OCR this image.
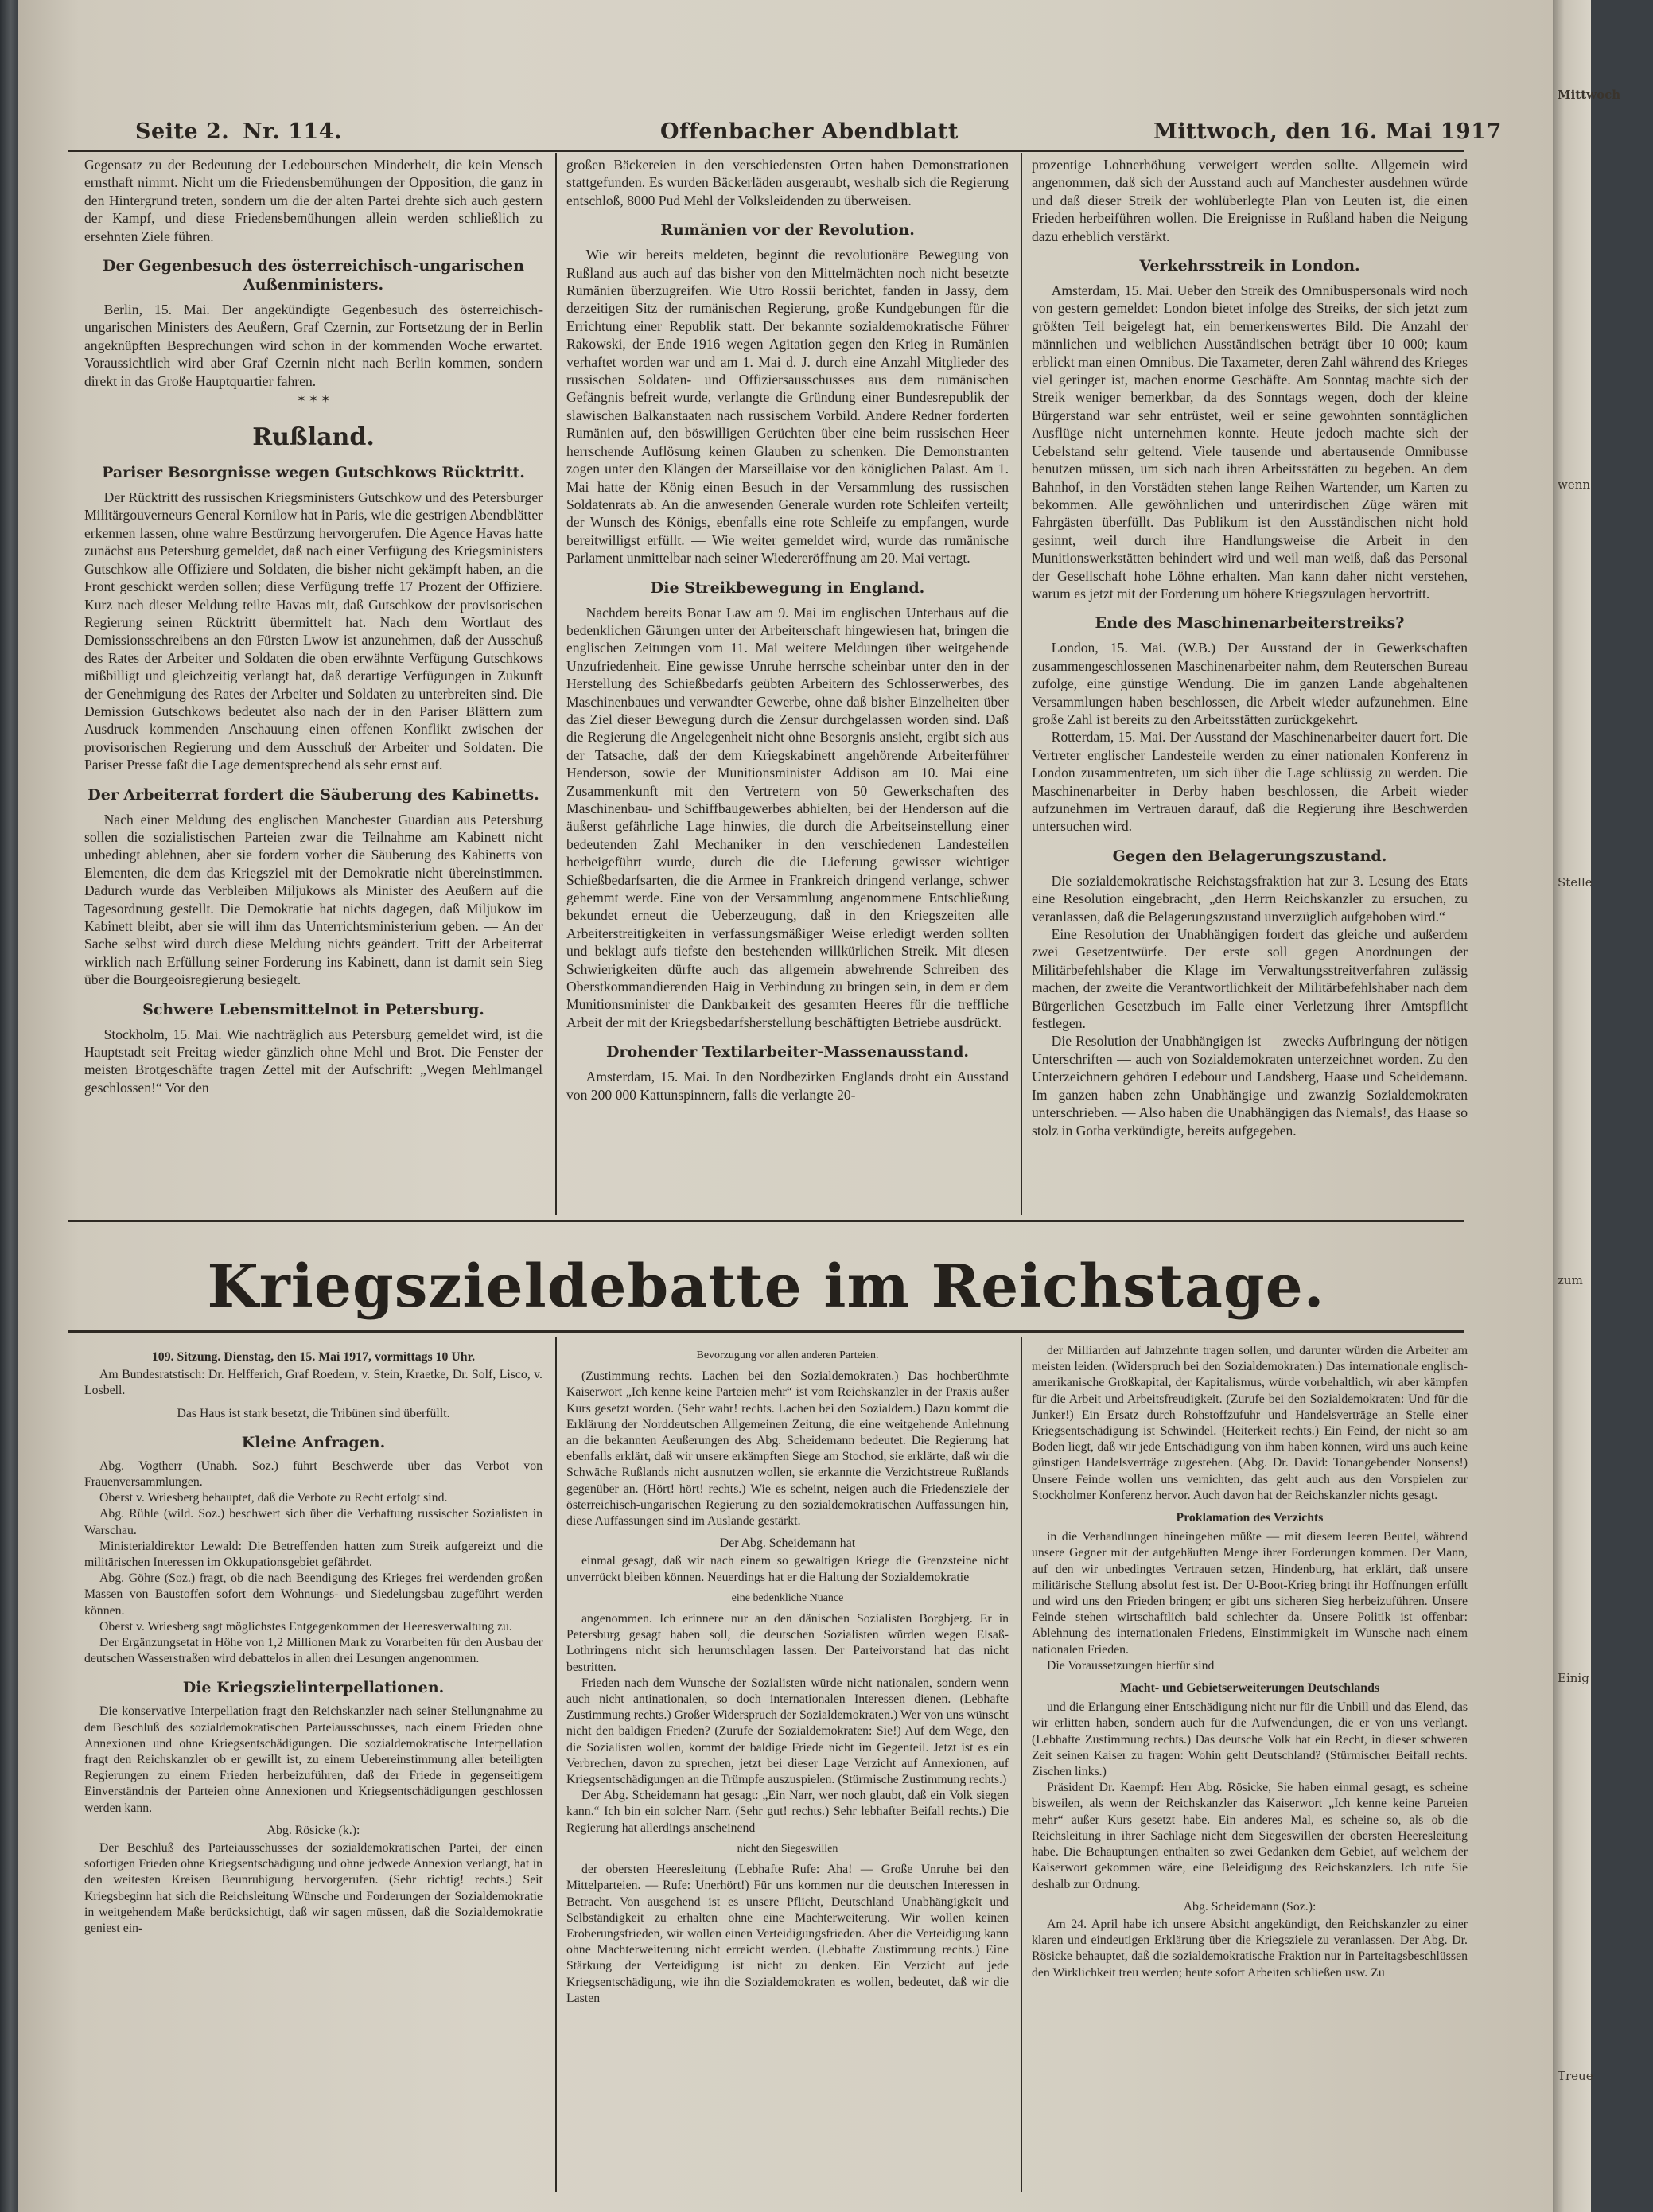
Mittwoch
wenn
Stelle
zum
Einig
Treue
Seite 2. Nr. 114.	Offenbacher Abendblatt	Mittwoch, den 16. Mai 1917

Gegensatz zu der Bedeutung der Ledebourschen Minderheit, die kein Mensch ernsthaft nimmt. Nicht um die Friedensbemühungen der Opposition, die ganz in den Hintergrund treten, sondern um die der alten Partei drehte sich auch gestern der Kampf, und diese Friedensbemühungen allein werden schließlich zu ersehnten Ziele führen.

Der Gegenbesuch des österreichisch-ungarischen Außenministers.

Berlin, 15. Mai. Der angekündigte Gegenbesuch des österreichisch-ungarischen Ministers des Aeußern, Graf Czernin, zur Fortsetzung der in Berlin angeknüpften Besprechungen wird schon in der kommenden Woche erwartet. Voraussichtlich wird aber Graf Czernin nicht nach Berlin kommen, sondern direkt in das Große Hauptquartier fahren.

✶ ✶ ✶
Rußland.
Pariser Besorgnisse wegen Gutschkows Rücktritt.

Der Rücktritt des russischen Kriegsministers Gutschkow und des Petersburger Militärgouverneurs General Kornilow hat in Paris, wie die gestrigen Abendblätter erkennen lassen, ohne wahre Bestürzung hervorgerufen. Die Agence Havas hatte zunächst aus Petersburg gemeldet, daß nach einer Verfügung des Kriegsministers Gutschkow alle Offiziere und Soldaten, die bisher nicht gekämpft haben, an die Front geschickt werden sollen; diese Verfügung treffe 17 Prozent der Offiziere. Kurz nach dieser Meldung teilte Havas mit, daß Gutschkow der provisorischen Regierung seinen Rücktritt übermittelt hat. Nach dem Wortlaut des Demissionsschreibens an den Fürsten Lwow ist anzunehmen, daß der Ausschuß des Rates der Arbeiter und Soldaten die oben erwähnte Verfügung Gutschkows mißbilligt und gleichzeitig verlangt hat, daß derartige Verfügungen in Zukunft der Genehmigung des Rates der Arbeiter und Soldaten zu unterbreiten sind. Die Demission Gutschkows bedeutet also nach der in den Pariser Blättern zum Ausdruck kommenden Anschauung einen offenen Konflikt zwischen der provisorischen Regierung und dem Ausschuß der Arbeiter und Soldaten. Die Pariser Presse faßt die Lage dementsprechend als sehr ernst auf.

Der Arbeiterrat fordert die Säuberung des Kabinetts.

Nach einer Meldung des englischen Manchester Guardian aus Petersburg sollen die sozialistischen Parteien zwar die Teilnahme am Kabinett nicht unbedingt ablehnen, aber sie fordern vorher die Säuberung des Kabinetts von Elementen, die dem das Kriegsziel mit der Demokratie nicht übereinstimmen. Dadurch wurde das Verbleiben Miljukows als Minister des Aeußern auf die Tagesordnung gestellt. Die Demokratie hat nichts dagegen, daß Miljukow im Kabinett bleibt, aber sie will ihm das Unterrichtsministerium geben. — An der Sache selbst wird durch diese Meldung nichts geändert. Tritt der Arbeiterrat wirklich nach Erfüllung seiner Forderung ins Kabinett, dann ist damit sein Sieg über die Bourgeoisregierung besiegelt.

Schwere Lebensmittelnot in Petersburg.

Stockholm, 15. Mai. Wie nachträglich aus Petersburg gemeldet wird, ist die Hauptstadt seit Freitag wieder gänzlich ohne Mehl und Brot. Die Fenster der meisten Brotgeschäfte tragen Zettel mit der Aufschrift: „Wegen Mehlmangel geschlossen!“ Vor den

großen Bäckereien in den verschiedensten Orten haben Demonstrationen stattgefunden. Es wurden Bäckerläden ausgeraubt, weshalb sich die Regierung entschloß, 8000 Pud Mehl der Volksleidenden zu überweisen.

Rumänien vor der Revolution.

Wie wir bereits meldeten, beginnt die revolutionäre Bewegung von Rußland aus auch auf das bisher von den Mittelmächten noch nicht besetzte Rumänien überzugreifen. Wie Utro Rossii berichtet, fanden in Jassy, dem derzeitigen Sitz der rumänischen Regierung, große Kundgebungen für die Errichtung einer Republik statt. Der bekannte sozialdemokratische Führer Rakowski, der Ende 1916 wegen Agitation gegen den Krieg in Rumänien verhaftet worden war und am 1. Mai d. J. durch eine Anzahl Mitglieder des russischen Soldaten- und Offiziersausschusses aus dem rumänischen Gefängnis befreit wurde, verlangte die Gründung einer Bundesrepublik der slawischen Balkanstaaten nach russischem Vorbild. Andere Redner forderten Rumänien auf, den böswilligen Gerüchten über eine beim russischen Heer herrschende Auflösung keinen Glauben zu schenken. Die Demonstranten zogen unter den Klängen der Marseillaise vor den königlichen Palast. Am 1. Mai hatte der König einen Besuch in der Versammlung des russischen Soldatenrats ab. An die anwesenden Generale wurden rote Schleifen verteilt; der Wunsch des Königs, ebenfalls eine rote Schleife zu empfangen, wurde bereitwilligst erfüllt. — Wie weiter gemeldet wird, wurde das rumänische Parlament unmittelbar nach seiner Wiedereröffnung am 20. Mai vertagt.

Die Streikbewegung in England.

Nachdem bereits Bonar Law am 9. Mai im englischen Unterhaus auf die bedenklichen Gärungen unter der Arbeiterschaft hingewiesen hat, bringen die englischen Zeitungen vom 11. Mai weitere Meldungen über weitgehende Unzufriedenheit. Eine gewisse Unruhe herrsche scheinbar unter den in der Herstellung des Schießbedarfs geübten Arbeitern des Schlosserwerbes, des Maschinenbaues und verwandter Gewerbe, ohne daß bisher Einzelheiten über das Ziel dieser Bewegung durch die Zensur durchgelassen worden sind. Daß die Regierung die Angelegenheit nicht ohne Besorgnis ansieht, ergibt sich aus der Tatsache, daß der dem Kriegskabinett angehörende Arbeiterführer Henderson, sowie der Munitionsminister Addison am 10. Mai eine Zusammenkunft mit den Vertretern von 50 Gewerkschaften des Maschinenbau- und Schiffbaugewerbes abhielten, bei der Henderson auf die äußerst gefährliche Lage hinwies, die durch die Arbeitseinstellung einer bedeutenden Zahl Mechaniker in den verschiedenen Landesteilen herbeigeführt wurde, durch die die Lieferung gewisser wichtiger Schießbedarfsarten, die die Armee in Frankreich dringend verlange, schwer gehemmt werde. Eine von der Versammlung angenommene Entschließung bekundet erneut die Ueberzeugung, daß in den Kriegszeiten alle Arbeiterstreitigkeiten in verfassungsmäßiger Weise erledigt werden sollten und beklagt aufs tiefste den bestehenden willkürlichen Streik. Mit diesen Schwierigkeiten dürfte auch das allgemein abwehrende Schreiben des Oberstkommandierenden Haig in Verbindung zu bringen sein, in dem er dem Munitionsminister die Dankbarkeit des gesamten Heeres für die treffliche Arbeit der mit der Kriegsbedarfsherstellung beschäftigten Betriebe ausdrückt.

Drohender Textilarbeiter-Massenausstand.

Amsterdam, 15. Mai. In den Nordbezirken Englands droht ein Ausstand von 200 000 Kattunspinnern, falls die verlangte 20-

prozentige Lohnerhöhung verweigert werden sollte. Allgemein wird angenommen, daß sich der Ausstand auch auf Manchester ausdehnen würde und daß dieser Streik der wohlüberlegte Plan von Leuten ist, die einen Frieden herbeiführen wollen. Die Ereignisse in Rußland haben die Neigung dazu erheblich verstärkt.

Verkehrsstreik in London.

Amsterdam, 15. Mai. Ueber den Streik des Omnibuspersonals wird noch von gestern gemeldet: London bietet infolge des Streiks, der sich jetzt zum größten Teil beigelegt hat, ein bemerkenswertes Bild. Die Anzahl der männlichen und weiblichen Ausständischen beträgt über 10 000; kaum erblickt man einen Omnibus. Die Taxameter, deren Zahl während des Krieges viel geringer ist, machen enorme Geschäfte. Am Sonntag machte sich der Streik weniger bemerkbar, da des Sonntags wegen, doch der kleine Bürgerstand war sehr entrüstet, weil er seine gewohnten sonntäglichen Ausflüge nicht unternehmen konnte. Heute jedoch machte sich der Uebelstand sehr geltend. Viele tausende und abertausende Omnibusse benutzen müssen, um sich nach ihren Arbeitsstätten zu begeben. An dem Bahnhof, in den Vorstädten stehen lange Reihen Wartender, um Karten zu bekommen. Alle gewöhnlichen und unterirdischen Züge wären mit Fahrgästen überfüllt. Das Publikum ist den Ausständischen nicht hold gesinnt, weil durch ihre Handlungsweise die Arbeit in den Munitionswerkstätten behindert wird und weil man weiß, daß das Personal der Gesellschaft hohe Löhne erhalten. Man kann daher nicht verstehen, warum es jetzt mit der Forderung um höhere Kriegszulagen hervortritt.

Ende des Maschinenarbeiterstreiks?

London, 15. Mai. (W.B.) Der Ausstand der in Gewerkschaften zusammengeschlossenen Maschinenarbeiter nahm, dem Reuterschen Bureau zufolge, eine günstige Wendung. Die im ganzen Lande abgehaltenen Versammlungen haben beschlossen, die Arbeit wieder aufzunehmen. Eine große Zahl ist bereits zu den Arbeitsstätten zurückgekehrt.

Rotterdam, 15. Mai. Der Ausstand der Maschinenarbeiter dauert fort. Die Vertreter englischer Landesteile werden zu einer nationalen Konferenz in London zusammentreten, um sich über die Lage schlüssig zu werden. Die Maschinenarbeiter in Derby haben beschlossen, die Arbeit wieder aufzunehmen im Vertrauen darauf, daß die Regierung ihre Beschwerden untersuchen wird.

Gegen den Belagerungszustand.

Die sozialdemokratische Reichstagsfraktion hat zur 3. Lesung des Etats eine Resolution eingebracht, „den Herrn Reichskanzler zu ersuchen, zu veranlassen, daß die Belagerungszustand unverzüglich aufgehoben wird.“

Eine Resolution der Unabhängigen fordert das gleiche und außerdem zwei Gesetzentwürfe. Der erste soll gegen Anordnungen der Militärbefehlshaber die Klage im Verwaltungsstreitverfahren zulässig machen, der zweite die Verantwortlichkeit der Militärbefehlshaber nach dem Bürgerlichen Gesetzbuch im Falle einer Verletzung ihrer Amtspflicht festlegen.

Die Resolution der Unabhängigen ist — zwecks Aufbringung der nötigen Unterschriften — auch von Sozialdemokraten unterzeichnet worden. Zu den Unterzeichnern gehören Ledebour und Landsberg, Haase und Scheidemann. Im ganzen haben zehn Unabhängige und zwanzig Sozialdemokraten unterschrieben. — Also haben die Unabhängigen das Niemals!, das Haase so stolz in Gotha verkündigte, bereits aufgegeben.

Kriegszieldebatte im Reichstage.

109. Sitzung. Dienstag, den 15. Mai 1917, vormittags 10 Uhr.

Am Bundesratstisch: Dr. Helfferich, Graf Roedern, v. Stein, Kraetke, Dr. Solf, Lisco, v. Losbell.

Das Haus ist stark besetzt, die Tribünen sind überfüllt.

Kleine Anfragen.

Abg. Vogtherr (Unabh. Soz.) führt Beschwerde über das Verbot von Frauenversammlungen.

Oberst v. Wriesberg behauptet, daß die Verbote zu Recht erfolgt sind.

Abg. Rühle (wild. Soz.) beschwert sich über die Verhaftung russischer Sozialisten in Warschau.

Ministerialdirektor Lewald: Die Betreffenden hatten zum Streik aufgereizt und die militärischen Interessen im Okkupationsgebiet gefährdet.

Abg. Göhre (Soz.) fragt, ob die nach Beendigung des Krieges frei werdenden großen Massen von Baustoffen sofort dem Wohnungs- und Siedelungsbau zugeführt werden können.

Oberst v. Wriesberg sagt möglichstes Entgegenkommen der Heeresverwaltung zu.

Der Ergänzungsetat in Höhe von 1,2 Millionen Mark zu Vorarbeiten für den Ausbau der deutschen Wasserstraßen wird debattelos in allen drei Lesungen angenommen.

Die Kriegszielinterpellationen.

Die konservative Interpellation fragt den Reichskanzler nach seiner Stellungnahme zu dem Beschluß des sozialdemokratischen Parteiausschusses, nach einem Frieden ohne Annexionen und ohne Kriegsentschädigungen. Die sozialdemokratische Interpellation fragt den Reichskanzler ob er gewillt ist, zu einem Uebereinstimmung aller beteiligten Regierungen zu einem Frieden herbeizuführen, daß der Friede in gegenseitigem Einverständnis der Parteien ohne Annexionen und Kriegsentschädigungen geschlossen werden kann.

Abg. Rösicke (k.):

Der Beschluß des Parteiausschusses der sozialdemokratischen Partei, der einen sofortigen Frieden ohne Kriegsentschädigung und ohne jedwede Annexion verlangt, hat in den weitesten Kreisen Beunruhigung hervorgerufen. (Sehr richtig! rechts.) Seit Kriegsbeginn hat sich die Reichsleitung Wünsche und Forderungen der Sozialdemokratie in weitgehendem Maße berücksichtigt, daß wir sagen müssen, daß die Sozialdemokratie geniest ein-

Bevorzugung vor allen anderen Parteien.

(Zustimmung rechts. Lachen bei den Sozialdemokraten.) Das hochberühmte Kaiserwort „Ich kenne keine Parteien mehr“ ist vom Reichskanzler in der Praxis außer Kurs gesetzt worden. (Sehr wahr! rechts. Lachen bei den Sozialdem.) Dazu kommt die Erklärung der Norddeutschen Allgemeinen Zeitung, die eine weitgehende Anlehnung an die bekannten Aeußerungen des Abg. Scheidemann bedeutet. Die Regierung hat ebenfalls erklärt, daß wir unsere erkämpften Siege am Stochod, sie erklärte, daß wir die Schwäche Rußlands nicht ausnutzen wollen, sie erkannte die Verzichtstreue Rußlands gegenüber an. (Hört! hört! rechts.) Wie es scheint, neigen auch die Friedensziele der österreichisch-ungarischen Regierung zu den sozialdemokratischen Auffassungen hin, diese Auffassungen sind im Auslande gestärkt.

Der Abg. Scheidemann hat

einmal gesagt, daß wir nach einem so gewaltigen Kriege die Grenzsteine nicht unverrückt bleiben können. Neuerdings hat er die Haltung der Sozialdemokratie

eine bedenkliche Nuance

angenommen. Ich erinnere nur an den dänischen Sozialisten Borgbjerg. Er in Petersburg gesagt haben soll, die deutschen Sozialisten würden wegen Elsaß-Lothringens nicht sich herumschlagen lassen. Der Parteivorstand hat das nicht bestritten.

Frieden nach dem Wunsche der Sozialisten würde nicht nationalen, sondern wenn auch nicht antinationalen, so doch internationalen Interessen dienen. (Lebhafte Zustimmung rechts.) Großer Widerspruch der Sozialdemokraten.) Wer von uns wünscht nicht den baldigen Frieden? (Zurufe der Sozialdemokraten: Sie!) Auf dem Wege, den die Sozialisten wollen, kommt der baldige Friede nicht im Gegenteil. Jetzt ist es ein Verbrechen, davon zu sprechen, jetzt bei dieser Lage Verzicht auf Annexionen, auf Kriegsentschädigungen an die Trümpfe auszuspielen. (Stürmische Zustimmung rechts.)

Der Abg. Scheidemann hat gesagt: „Ein Narr, wer noch glaubt, daß ein Volk siegen kann.“ Ich bin ein solcher Narr. (Sehr gut! rechts.) Sehr lebhafter Beifall rechts.) Die Regierung hat allerdings anscheinend

nicht den Siegeswillen

der obersten Heeresleitung (Lebhafte Rufe: Aha! — Große Unruhe bei den Mittelparteien. — Rufe: Unerhört!) Für uns kommen nur die deutschen Interessen in Betracht. Von ausgehend ist es unsere Pflicht, Deutschland Unabhängigkeit und Selbständigkeit zu erhalten ohne eine Machterweiterung. Wir wollen keinen Eroberungsfrieden, wir wollen einen Verteidigungsfrieden. Aber die Verteidigung kann ohne Machterweiterung nicht erreicht werden. (Lebhafte Zustimmung rechts.) Eine Stärkung der Verteidigung ist nicht zu denken. Ein Verzicht auf jede Kriegsentschädigung, wie ihn die Sozialdemokraten es wollen, bedeutet, daß wir die Lasten

der Milliarden auf Jahrzehnte tragen sollen, und darunter würden die Arbeiter am meisten leiden. (Widerspruch bei den Sozialdemokraten.) Das internationale englisch-amerikanische Großkapital, der Kapitalismus, würde vorbehaltlich, wir aber kämpfen für die Arbeit und Arbeitsfreudigkeit. (Zurufe bei den Sozialdemokraten: Und für die Junker!) Ein Ersatz durch Rohstoffzufuhr und Handelsverträge an Stelle einer Kriegsentschädigung ist Schwindel. (Heiterkeit rechts.) Ein Feind, der nicht so am Boden liegt, daß wir jede Entschädigung von ihm haben können, wird uns auch keine günstigen Handelsverträge zugestehen. (Abg. Dr. David: Tonangebender Nonsens!) Unsere Feinde wollen uns vernichten, das geht auch aus den Vorspielen zur Stockholmer Konferenz hervor. Auch davon hat der Reichskanzler nichts gesagt.

Proklamation des Verzichts

in die Verhandlungen hineingehen müßte — mit diesem leeren Beutel, während unsere Gegner mit der aufgehäuften Menge ihrer Forderungen kommen. Der Mann, auf den wir unbedingtes Vertrauen setzen, Hindenburg, hat erklärt, daß unsere militärische Stellung absolut fest ist. Der U-Boot-Krieg bringt ihr Hoffnungen erfüllt und wird uns den Frieden bringen; er gibt uns sicheren Sieg herbeizuführen. Unsere Feinde stehen wirtschaftlich bald schlechter da. Unsere Politik ist offenbar: Ablehnung des internationalen Friedens, Einstimmigkeit im Wunsche nach einem nationalen Frieden.

Die Voraussetzungen hierfür sind

Macht- und Gebietserweiterungen Deutschlands

und die Erlangung einer Entschädigung nicht nur für die Unbill und das Elend, das wir erlitten haben, sondern auch für die Aufwendungen, die er von uns verlangt. (Lebhafte Zustimmung rechts.) Das deutsche Volk hat ein Recht, in dieser schweren Zeit seinen Kaiser zu fragen: Wohin geht Deutschland? (Stürmischer Beifall rechts. Zischen links.)

Präsident Dr. Kaempf: Herr Abg. Rösicke, Sie haben einmal gesagt, es scheine bisweilen, als wenn der Reichskanzler das Kaiserwort „Ich kenne keine Parteien mehr“ außer Kurs gesetzt habe. Ein anderes Mal, es scheine so, als ob die Reichsleitung in ihrer Sachlage nicht dem Siegeswillen der obersten Heeresleitung habe. Die Behauptungen enthalten so zwei Gedanken dem Gebiet, auf welchem der Kaiserwort gekommen wäre, eine Beleidigung des Reichskanzlers. Ich rufe Sie deshalb zur Ordnung.

Abg. Scheidemann (Soz.):

Am 24. April habe ich unsere Absicht angekündigt, den Reichskanzler zu einer klaren und eindeutigen Erklärung über die Kriegsziele zu veranlassen. Der Abg. Dr. Rösicke behauptet, daß die sozialdemokratische Fraktion nur in Parteitagsbeschlüssen den Wirklichkeit treu werden; heute sofort Arbeiten schließen usw. Zu
